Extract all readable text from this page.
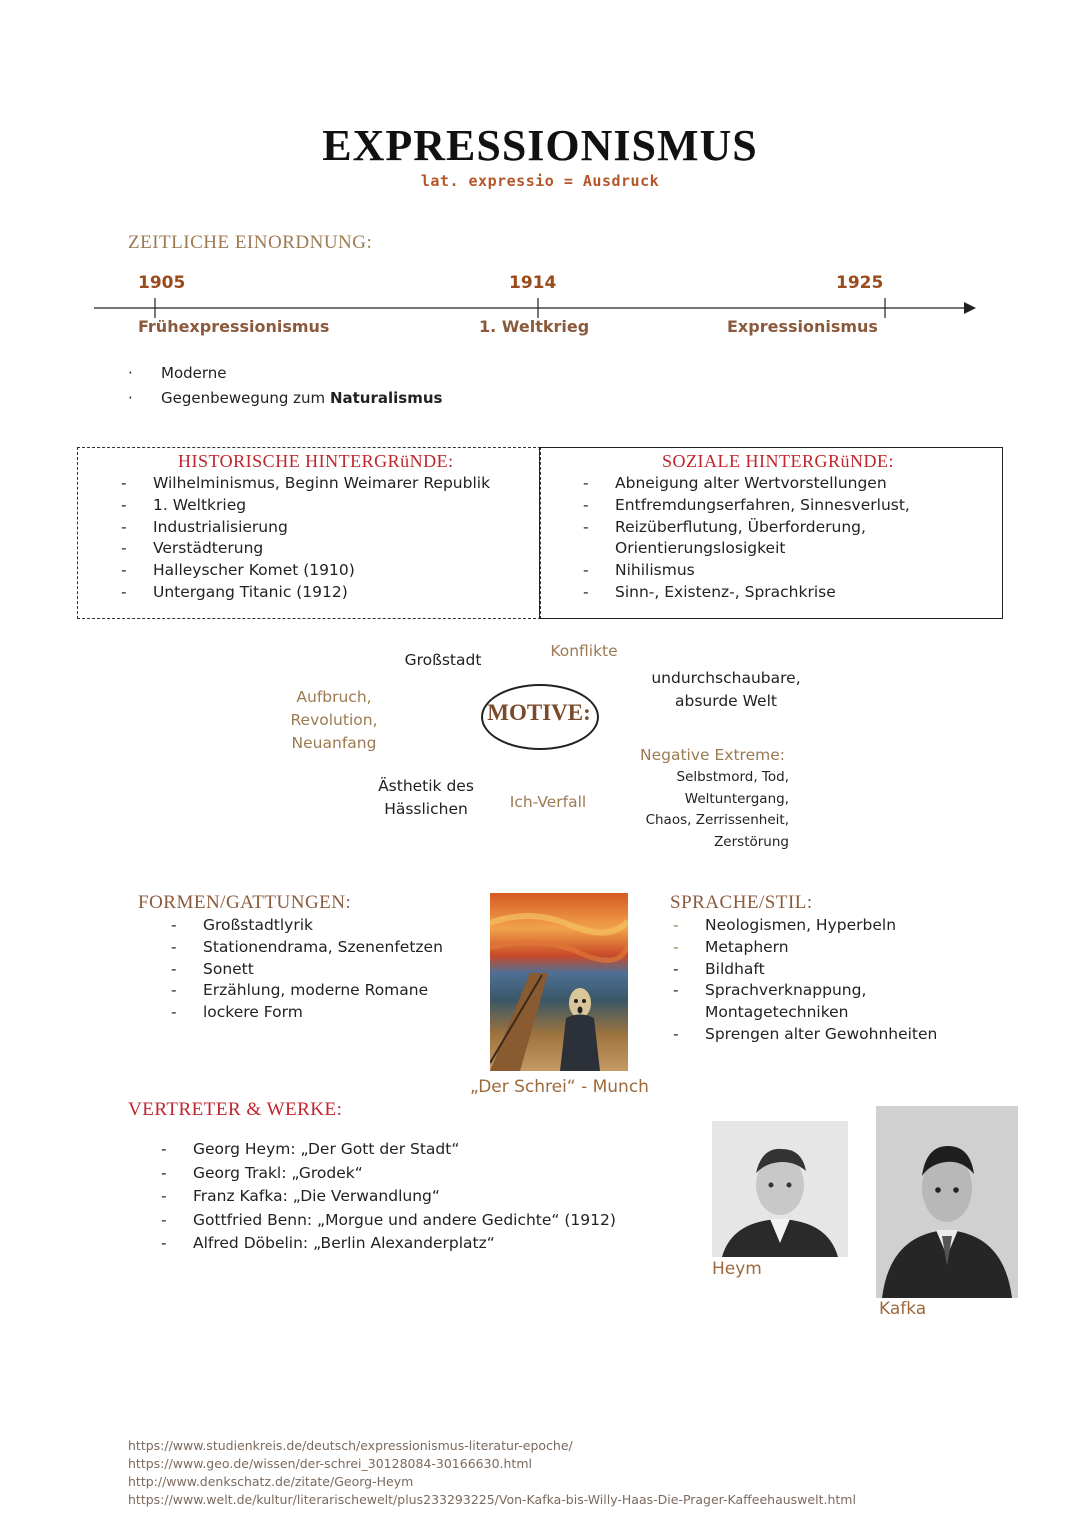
EXPRESSIONISMUS
lat. expressio = Ausdruck
ZEITLICHE EINORDNUNG:
1905	1914	1925
Frühexpressionismus	1. Weltkrieg	Expressionismus
· Moderne
· Gegenbewegung zum Naturalismus
HISTORISCHE HINTERGRüNDE:
- Wilhelminismus, Beginn Weimarer Republik
- 1. Weltkrieg
- Industrialisierung
- Verstädterung
- Halleyscher Komet (1910)
- Untergang Titanic (1912)
SOZIALE HINTERGRüNDE:
- Abneigung alter Wertvorstellungen
- Entfremdungserfahren, Sinnesverlust,
- Reizüberflutung, Überforderung,
Orientierungslosigkeit
- Nihilismus
- Sinn-, Existenz-, Sprachkrise
MOTIVE:
Großstadt	Konflikte
Aufbruch,
Revolution,
Neuanfang
undurchschaubare,
absurde Welt
Ästhetik des
Hässlichen	Ich-Verfall
Negative Extreme:
Selbstmord, Tod,
Weltuntergang,
Chaos, Zerrissenheit,
Zerstörung
FORMEN/GATTUNGEN:
- Großstadtlyrik
- Stationendrama, Szenenfetzen
- Sonett
- Erzählung, moderne Romane
- lockere Form
„Der Schrei“ - Munch
SPRACHE/STIL:
- Neologismen, Hyperbeln
- Metaphern
- Bildhaft
- Sprachverknappung,
Montagetechniken
- Sprengen alter Gewohnheiten
VERTRETER & WERKE:
- Georg Heym: „Der Gott der Stadt“
- Georg Trakl: „Grodek“
- Franz Kafka: „Die Verwandlung“
- Gottfried Benn: „Morgue und andere Gedichte“ (1912)
- Alfred Döbelin: „Berlin Alexanderplatz“
Heym
Kafka
https://www.studienkreis.de/deutsch/expressionismus-literatur-epoche/
https://www.geo.de/wissen/der-schrei_30128084-30166630.html
http://www.denkschatz.de/zitate/Georg-Heym
https://www.welt.de/kultur/literarischewelt/plus233293225/Von-Kafka-bis-Willy-Haas-Die-Prager-Kaffeehauswelt.html
